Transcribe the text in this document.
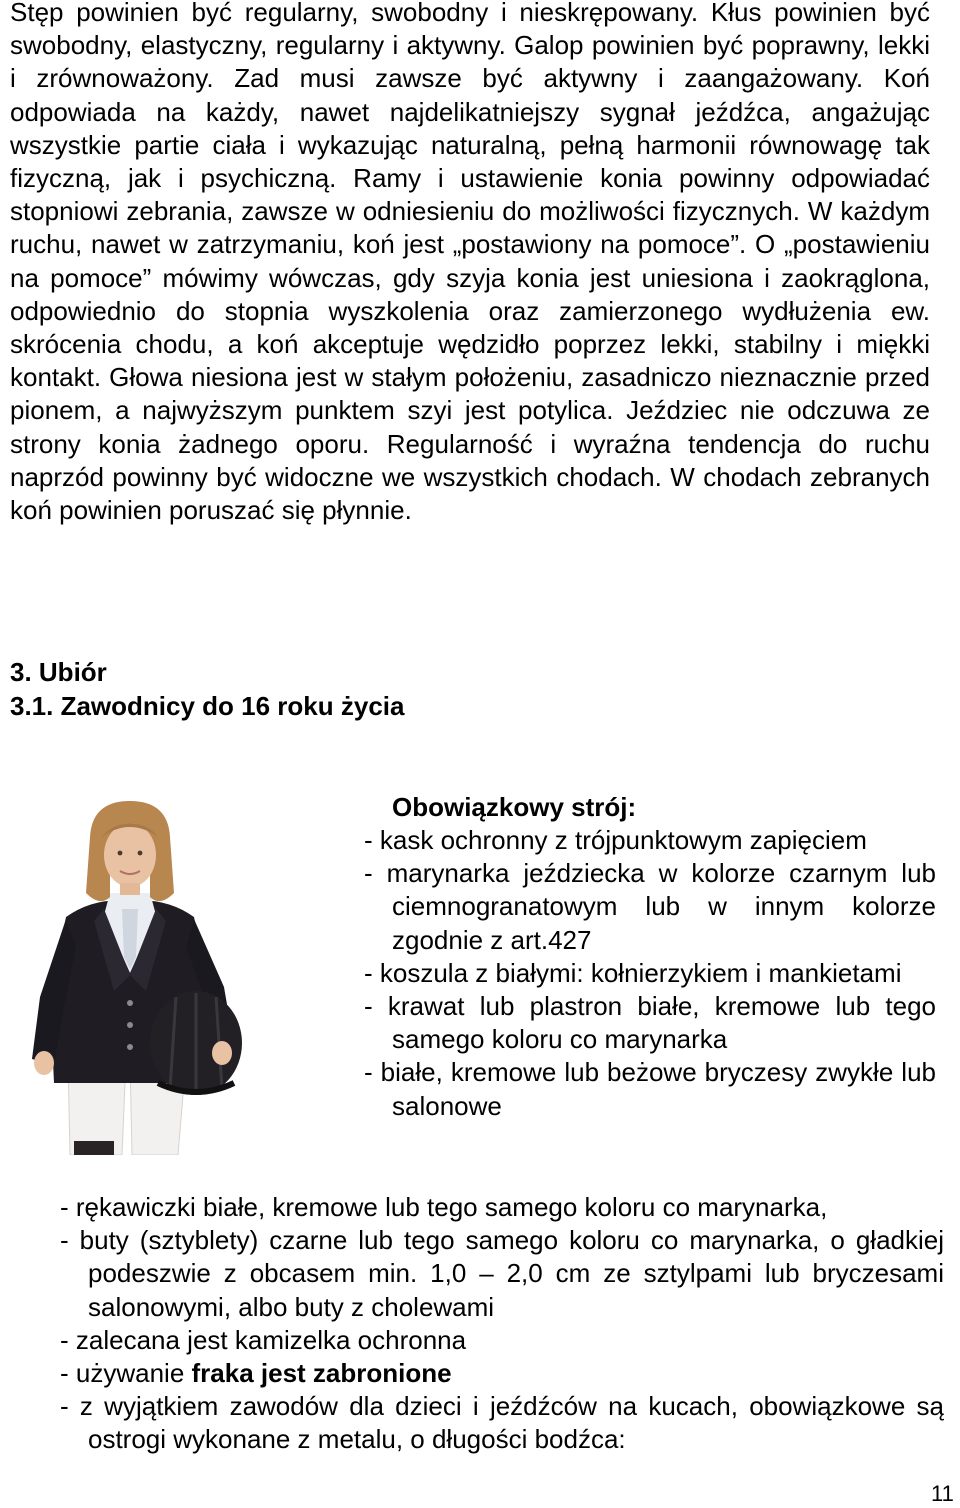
Stęp powinien być regularny, swobodny i nieskrępowany. Kłus powinien być swobodny, elastyczny, regularny i aktywny. Galop powinien być poprawny, lekki i zrównoważony. Zad musi zawsze być aktywny i zaangażowany. Koń odpowiada na każdy, nawet najdelikatniejszy sygnał jeźdźca, angażując wszystkie partie ciała i wykazując naturalną, pełną harmonii równowagę tak fizyczną, jak i psychiczną. Ramy i ustawienie konia powinny odpowiadać stopniowi zebrania, zawsze w odniesieniu do możliwości fizycznych. W każdym ruchu, nawet w zatrzymaniu, koń jest „postawiony na pomoce”. O „postawieniu na pomoce” mówimy wówczas, gdy szyja konia jest uniesiona i zaokrąglona, odpowiednio do stopnia wyszkolenia oraz zamierzonego wydłużenia ew. skrócenia chodu, a koń akceptuje wędzidło poprzez lekki, stabilny i miękki kontakt. Głowa niesiona jest w stałym położeniu, zasadniczo nieznacznie przed pionem, a najwyższym punktem szyi jest potylica. Jeździec nie odczuwa ze strony konia żadnego oporu. Regularność i wyraźna tendencja do ruchu naprzód powinny być widoczne we wszystkich chodach. W chodach zebranych koń powinien poruszać się płynnie.

3. Ubiór
3.1. Zawodnicy do 16 roku życia
Obowiązkowy strój:
- kask ochronny z trójpunktowym zapięciem
- marynarka jeździecka w kolorze czarnym lub ciemnogranatowym lub w innym kolorze zgodnie z art.427
- koszula z białymi: kołnierzykiem i mankietami
- krawat lub plastron białe, kremowe lub tego samego koloru co marynarka
- białe, kremowe lub beżowe bryczesy zwykłe lub salonowe
- rękawiczki białe, kremowe lub tego samego koloru co marynarka,
- buty (sztyblety) czarne lub tego samego koloru co marynarka, o gładkiej podeszwie z obcasem min. 1,0 – 2,0 cm ze sztylpami lub bryczesami salonowymi, albo buty z cholewami
- zalecana jest kamizelka ochronna
- używanie fraka jest zabronione
- z wyjątkiem zawodów dla dzieci i jeźdźców na kucach, obowiązkowe są ostrogi wykonane z metalu, o długości bodźca:
11
